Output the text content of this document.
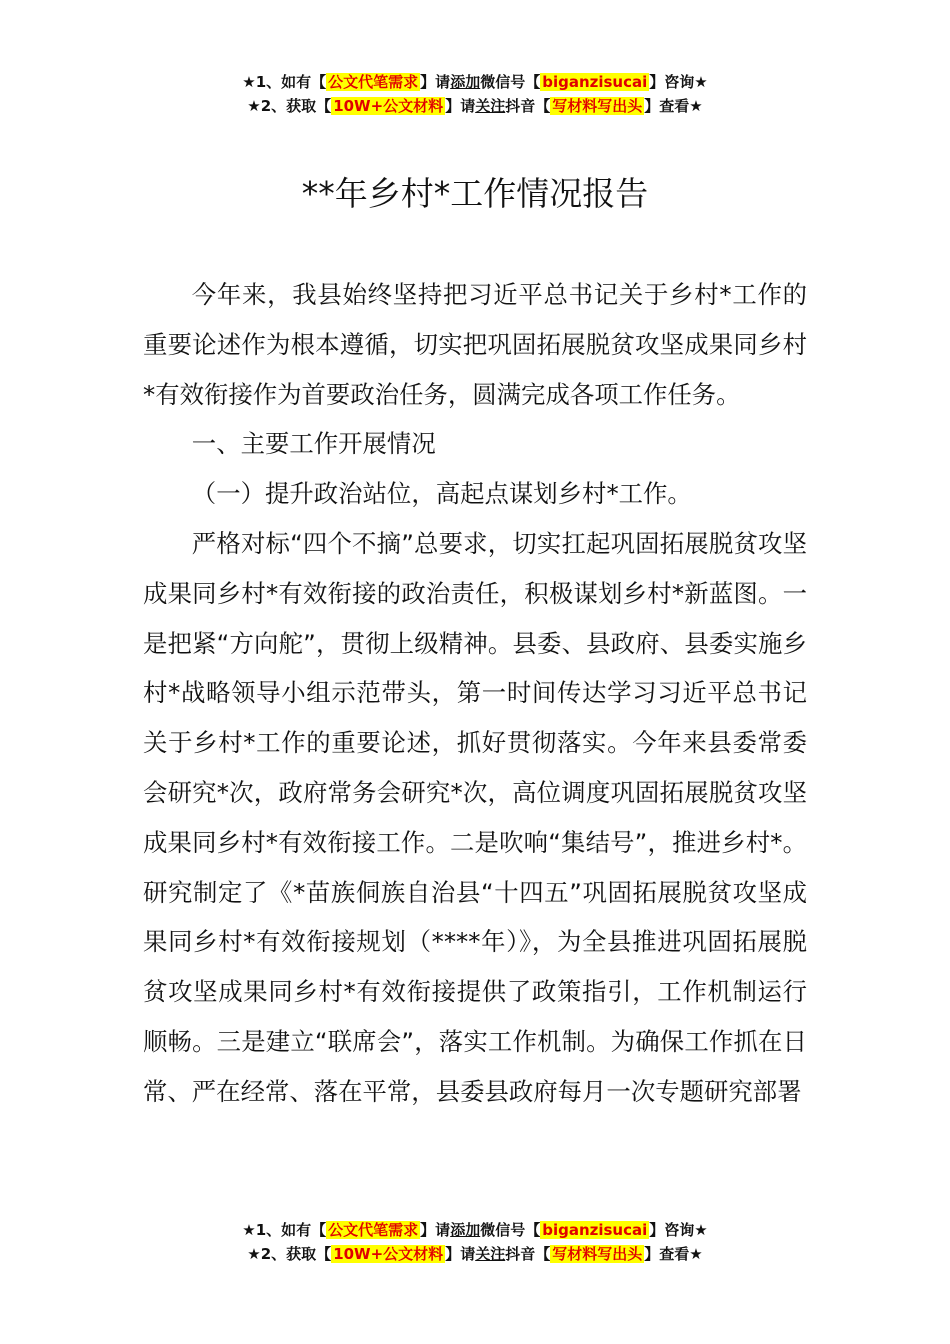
★1、如有【 公文代笔需求 】请添加微信号【 biganzisucai 】咨询★
★2、获取【 10W+公文材料 】请关注抖音【 写材料写出头 】查看★
**年乡村*工作情况报告

今年来，我县始终坚持把习近平总书记关于乡村*工作的重要论述作为根本遵循，切实把巩固拓展脱贫攻坚成果同乡村*有效衔接作为首要政治任务，圆满完成各项工作任务。

一、主要工作开展情况

（一）提升政治站位，高起点谋划乡村*工作。

严格对标“四个不摘”总要求，切实扛起巩固拓展脱贫攻坚成果同乡村*有效衔接的政治责任，积极谋划乡村*新蓝图。一是把紧“方向舵”，贯彻上级精神。县委、县政府、县委实施乡村*战略领导小组示范带头，第一时间传达学习习近平总书记关于乡村*工作的重要论述，抓好贯彻落实。今年来县委常委会研究*次，政府常务会研究*次，高位调度巩固拓展脱贫攻坚成果同乡村*有效衔接工作。二是吹响“集结号”，推进乡村*。研究制定了《*苗族侗族自治县“十四五”巩固拓展脱贫攻坚成果同乡村*有效衔接规划（****年）》，为全县推进巩固拓展脱贫攻坚成果同乡村*有效衔接提供了政策指引，工作机制运行顺畅。三是建立“联席会”，落实工作机制。为确保工作抓在日常、严在经常、落在平常，县委县政府每月一次专题研究部署

★1、如有【 公文代笔需求 】请添加微信号【 biganzisucai 】咨询★
★2、获取【 10W+公文材料 】请关注抖音【 写材料写出头 】查看★
